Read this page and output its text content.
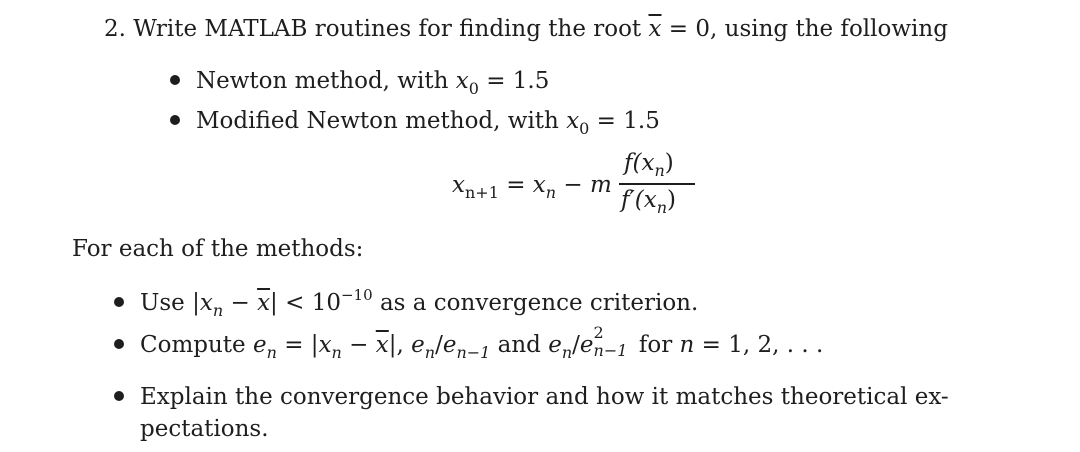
2. Write MATLAB routines for finding the root $\overline{x} = 0$, using the following
Newton method, with $x_0 = 1.5$
Modified Newton method, with $x_0 = 1.5$
$x_{n+1} = x_n - m$
$f(x_n)$
$f'(x_n)$
For each of the methods:
Use $|x_n - \overline{x}| < 10^{-10}$ as a convergence criterion.
Compute $e_n = |x_n - \overline{x}|$, $e_n/e_{n-1}$ and $e_n/e$ 2
n−1 for n = 1, 2, . . .
Explain the convergence behavior and how it matches theoretical ex-
pectations.
